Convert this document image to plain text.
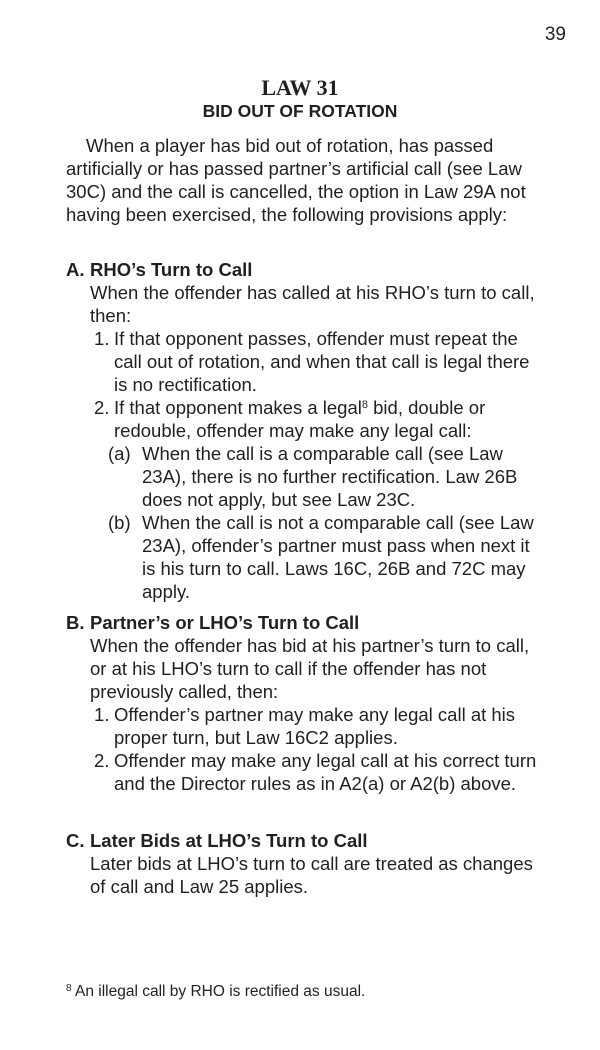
39
LAW 31
BID OUT OF ROTATION

When a player has bid out of rotation, has passed artificially or has passed partner’s artificial call (see Law 30C) and the call is cancelled, the option in Law 29A not having been exercised, the following provisions apply:

A. RHO’s Turn to Call

When the offender has called at his RHO’s turn to call, then:

1. If that opponent passes, offender must repeat the call out of rotation, and when that call is legal there is no rectification.
2. If that opponent makes a legal$^8$ bid, double or redouble, offender may make any legal call:
(a) When the call is a comparable call (see Law 23A), there is no further rectification. Law 26B does not apply, but see Law 23C.
(b) When the call is not a comparable call (see Law 23A), offender’s partner must pass when next it is his turn to call. Laws 16C, 26B and 72C may apply.

B. Partner’s or LHO’s Turn to Call

When the offender has bid at his partner’s turn to call, or at his LHO’s turn to call if the offender has not previously called, then:

1. Offender’s partner may make any legal call at his proper turn, but Law 16C2 applies.
2. Offender may make any legal call at his correct turn and the Director rules as in A2(a) or A2(b) above.

C. Later Bids at LHO’s Turn to Call

Later bids at LHO’s turn to call are treated as changes of call and Law 25 applies.

$^8$ An illegal call by RHO is rectified as usual.
